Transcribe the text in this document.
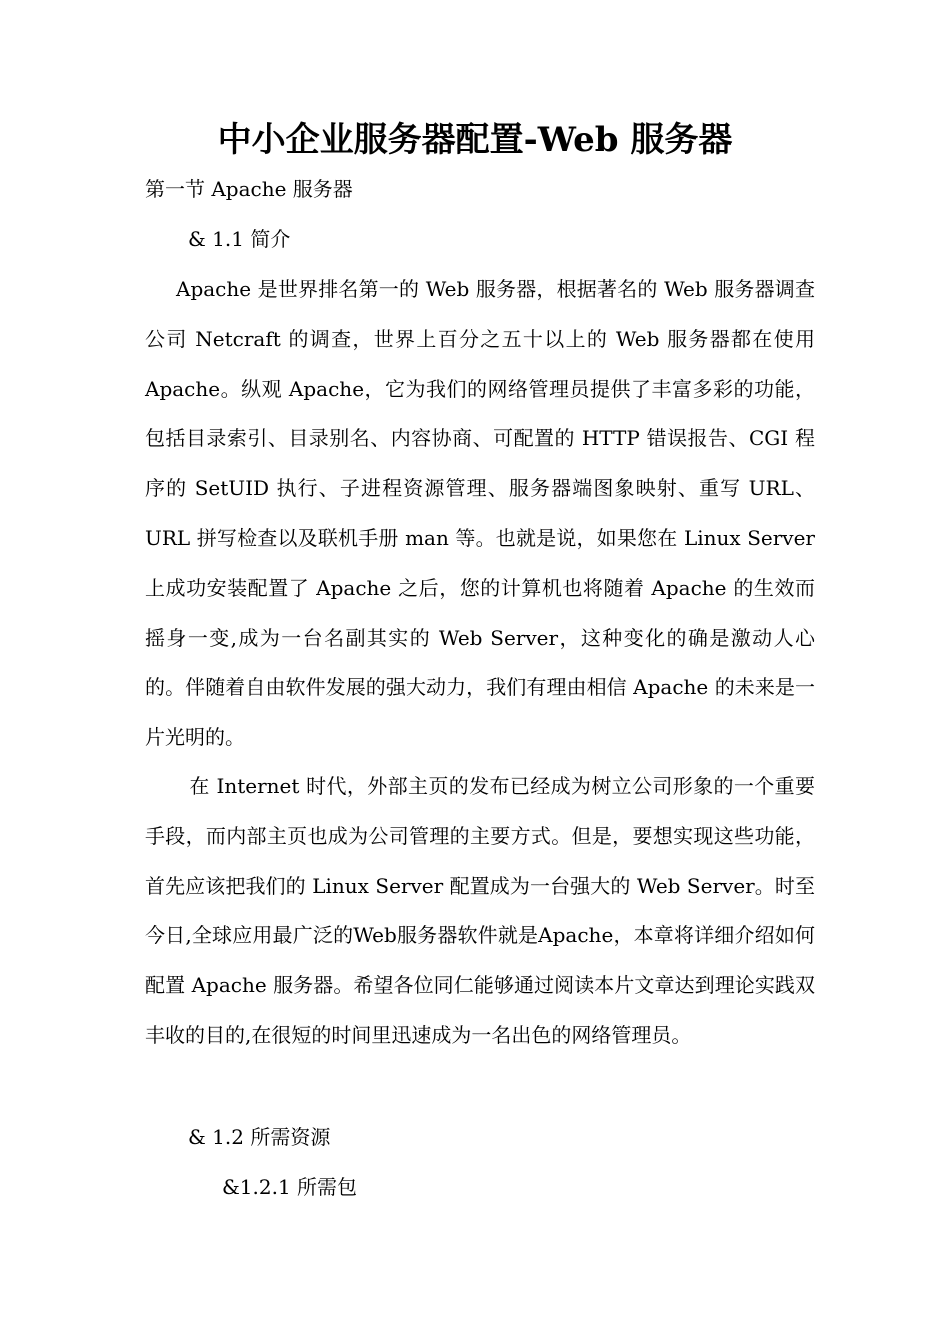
中小企业服务器配置-Web 服务器
第一节 Apache 服务器
& 1.1 简介
Apache 是世界排名第一的 Web 服务器，根据著名的 Web 服务器调查公司 Netcraft 的调查，世界上百分之五十以上的 Web 服务器都在使用 Apache。纵观 Apache，它为我们的网络管理员提供了丰富多彩的功能，包括目录索引、目录别名、内容协商、可配置的 HTTP 错误报告、CGI 程序的 SetUID 执行、子进程资源管理、服务器端图象映射、重写 URL、URL 拼写检查以及联机手册 man 等。也就是说，如果您在 Linux Server 上成功安装配置了 Apache 之后，您的计算机也将随着 Apache 的生效而摇身一变,成为一台名副其实的 Web Server，这种变化的确是激动人心的。伴随着自由软件发展的强大动力，我们有理由相信 Apache 的未来是一片光明的。
在 Internet 时代，外部主页的发布已经成为树立公司形象的一个重要手段，而内部主页也成为公司管理的主要方式。但是，要想实现这些功能，首先应该把我们的 Linux Server 配置成为一台强大的 Web Server。时至今日,全球应用最广泛的Web服务器软件就是Apache，本章将详细介绍如何配置 Apache 服务器。希望各位同仁能够通过阅读本片文章达到理论实践双丰收的目的,在很短的时间里迅速成为一名出色的网络管理员。
& 1.2 所需资源
&1.2.1 所需包
